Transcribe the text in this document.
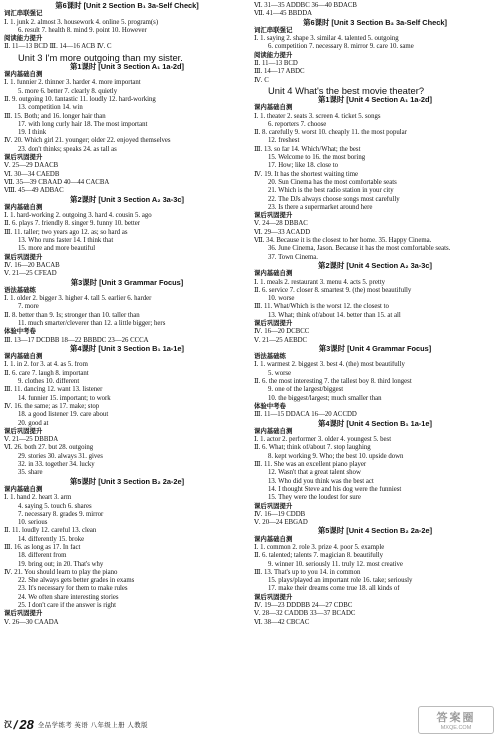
第6课时 [Unit 2 Section B₁ 3a-Self Check]
词汇串联强记
Ⅰ. 1. junk 2. almost 3. housework 4. online 5. program(s)
6. result 7. health 8. mind 9. point 10. However
阅读能力提升
Ⅱ. 11—13 BCD Ⅲ. 14—16 ACB Ⅳ. C
Unit 3 I'm more outgoing than my sister.
第1课时 [Unit 3 Section A₁ 1a-2d]
课内基础自测
Ⅰ. 1. funnier 2. thinner 3. harder 4. more important
5. more 6. better 7. clearly 8. quietly
Ⅱ. 9. outgoing 10. fantastic 11. loudly 12. hard-working
13. competition 14. win
Ⅲ. 15. Both; and 16. longer hair than
17. with long curly hair 18. The most important
19. I think
Ⅳ. 20. Which girl 21. younger; older 22. enjoyed themselves
23. don't thinks; speaks 24. as tall as
课后巩固提升
Ⅴ. 25—29 DAACB
Ⅵ. 30—34 CAEDB
Ⅶ. 35—39 CBAAD 40—44 CACBA
Ⅷ. 45—49 ADBAC
第2课时 [Unit 3 Section A₂ 3a-3c]
课内基础自测
Ⅰ. 1. hard-working 2. outgoing 3. hard 4. cousin 5. ago
Ⅱ. 6. plays 7. friendly 8. singer 9. funny 10. better
Ⅲ. 11. taller; two years ago 12. as; so hard as
13. Who runs faster 14. I think that
15. more and more beautiful
课后巩固提升
Ⅳ. 16—20 BACAB
Ⅴ. 21—25 CFEAD
第3课时 [Unit 3 Grammar Focus]
语法基础练
Ⅰ. 1. older 2. bigger 3. higher 4. tall 5. earlier 6. harder
7. more
Ⅱ. 8. better than 9. Is; stronger than 10. taller than
11. much smarter/cleverer than 12. a little bigger; hers
体验中考卷
Ⅲ. 13—17 DCDBB 18—22 BBBDC 23—26 CCCA
第4课时 [Unit 3 Section B₁ 1a-1e]
课内基础自测
Ⅰ. 1. in 2. for 3. at 4. as 5. from
Ⅱ. 6. care 7. laugh 8. important
9. clothes 10. different
Ⅲ. 11. dancing 12. want 13. listener
14. funnier 15. important; to work
Ⅳ. 16. the same; as 17. make; stop
18. a good listener 19. care about
20. good at
课后巩固提升
Ⅴ. 21—25 DBBDA
Ⅵ. 26. both 27. but 28. outgoing
29. stories 30. always 31. gives
32. in 33. together 34. lucky
35. share
第5课时 [Unit 3 Section B₂ 2a-2e]
课内基础自测
Ⅰ. 1. hand 2. heart 3. arm
4. saying 5. touch 6. shares
7. necessary 8. grades 9. mirror
10. serious
Ⅱ. 11. loudly 12. careful 13. clean
14. differently 15. broke
Ⅲ. 16. as long as 17. In fact
18. different from
19. bring out; in 20. That's why
Ⅳ. 21. You should learn to play the piano
22. She always gets better grades in exams
23. It's necessary for them to make rules
24. We often share interesting stories
25. I don't care if the answer is right
课后巩固提升
Ⅴ. 26—30 CAADA
Ⅵ. 31—35 ADDBC 36—40 BDACB
Ⅶ. 41—45 BBDDA
第6课时 [Unit 3 Section B₃ 3a-Self Check]
词汇串联强记
Ⅰ. 1. saying 2. shape 3. similar 4. talented 5. outgoing
6. competition 7. necessary 8. mirror 9. care 10. same
阅读能力提升
Ⅱ. 11—13 BCD
Ⅲ. 14—17 ABDC
Ⅳ. C
Unit 4 What's the best movie theater?
第1课时 [Unit 4 Section A₁ 1a-2d]
课内基础自测
Ⅰ. 1. theater 2. seats 3. screen 4. ticket 5. songs
6. reporters 7. choose
Ⅱ. 8. carefully 9. worst 10. cheaply 11. the most popular
12. freshest
Ⅲ. 13. so far 14. Which/What; the best
15. Welcome to 16. the most boring
17. How; like 18. close to
Ⅳ. 19. It has the shortest waiting time
20. Sun Cinema has the most comfortable seats
21. Which is the best radio station in your city
22. The DJs always choose songs most carefully
23. Is there a supermarket around here
课后巩固提升
Ⅴ. 24—28 DBBAC
Ⅵ. 29—33 ACADD
Ⅶ. 34. Because it is the closest to her home. 35. Happy Cinema.
36. June Cinema, Jason. Because it has the most comfortable seats.
37. Town Cinema.
第2课时 [Unit 4 Section A₂ 3a-3c]
课内基础自测
Ⅰ. 1. meals 2. restaurant 3. menu 4. acts 5. pretty
Ⅱ. 6. service 7. closer 8. smartest 9. (the) most beautifully
10. worse
Ⅲ. 11. What/Which is the worst 12. the closest to
13. What; think of/about 14. better than 15. at all
课后巩固提升
Ⅳ. 16—20 DCBCC
Ⅴ. 21—25 AEBDC
第3课时 [Unit 4 Grammar Focus]
语法基础练
Ⅰ. 1. warmest 2. biggest 3. best 4. (the) most beautifully
5. worse
Ⅱ. 6. the most interesting 7. the tallest boy 8. third longest
9. one of the largest/biggest
10. the biggest/largest; much smaller than
体验中考卷
Ⅲ. 11—15 DDACA 16—20 ACCDD
第4课时 [Unit 4 Section B₁ 1a-1e]
课内基础自测
Ⅰ. 1. actor 2. performer 3. older 4. youngest 5. best
Ⅱ. 6. What; think of/about 7. stop laughing
8. kept working 9. Who; the best 10. upside down
Ⅲ. 11. She was an excellent piano player
12. Wasn't that a great talent show
13. Who did you think was the best act
14. I thought Steve and his dog were the funniest
15. They were the loudest for sure
课后巩固提升
Ⅳ. 16—19 CDDB
Ⅴ. 20—24 EBGAD
第5课时 [Unit 4 Section B₂ 2a-2e]
课内基础自测
Ⅰ. 1. common 2. role 3. prize 4. poor 5. example
Ⅱ. 6. talented; talents 7. magician 8. beautifully
9. winner 10. seriously 11. truly 12. most creative
Ⅲ. 13. That's up to you 14. in common
15. plays/played an important role 16. take; seriously
17. make their dreams come true 18. all kinds of
课后巩固提升
Ⅳ. 19—23 DDDBB 24—27 CDBC
Ⅴ. 28—32 CADDB 33—37 BCADC
Ⅵ. 38—42 CBCAC
汉 / 28 全品学练考 英语 八年级上册 人教版
答案圈
MXQE.COM
